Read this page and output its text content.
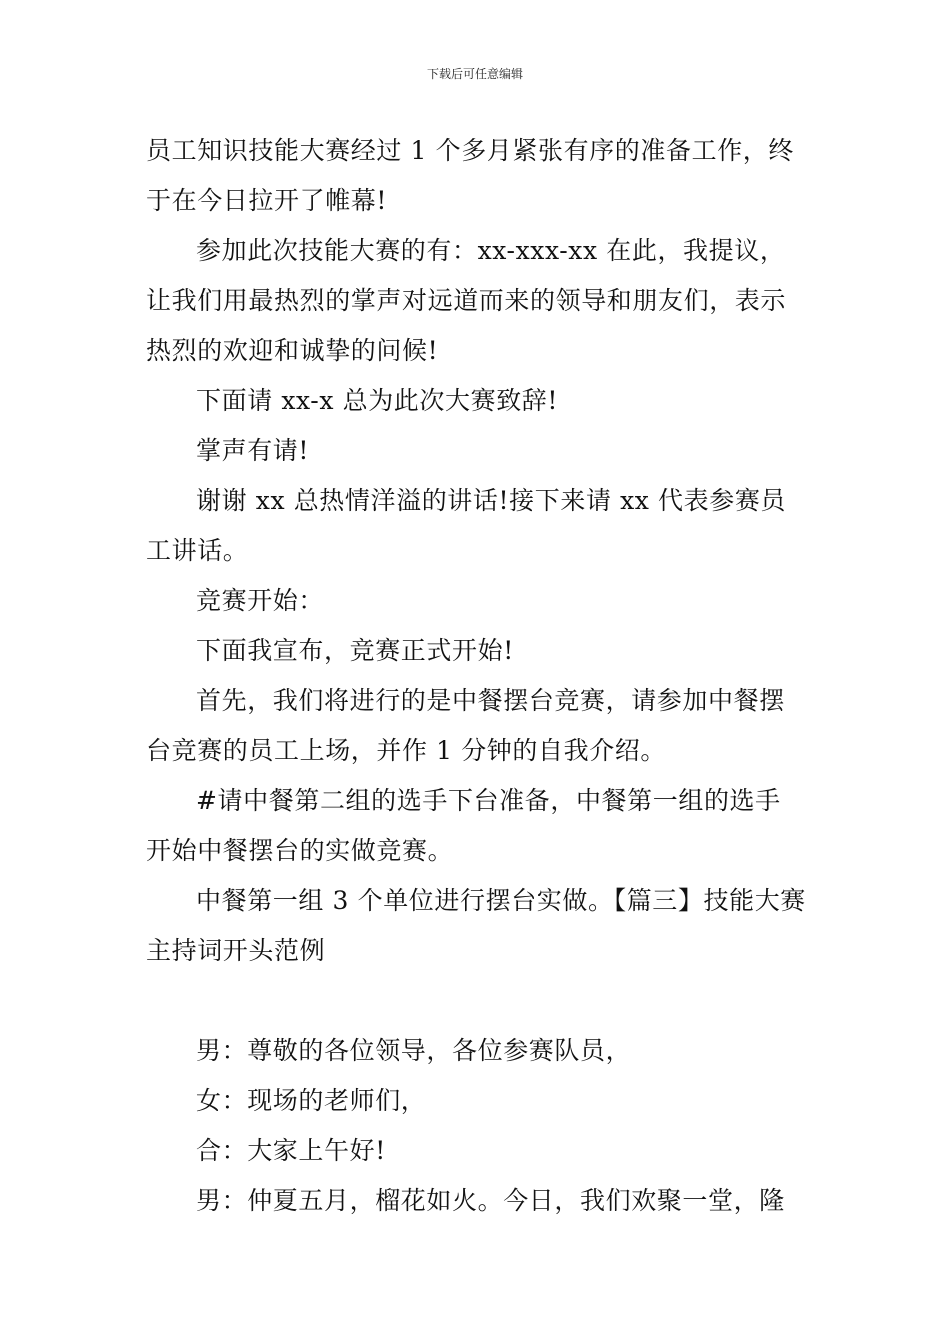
下载后可任意编辑

员工知识技能大赛经过 1 个多月紧张有序的准备工作，终于在今日拉开了帷幕!

参加此次技能大赛的有：xx-xxx-xx 在此，我提议，让我们用最热烈的掌声对远道而来的领导和朋友们，表示热烈的欢迎和诚挚的问候!

下面请 xx-x 总为此次大赛致辞!

掌声有请!

谢谢 xx 总热情洋溢的讲话!接下来请 xx 代表参赛员工讲话。

竞赛开始：

下面我宣布，竞赛正式开始!

首先，我们将进行的是中餐摆台竞赛，请参加中餐摆台竞赛的员工上场，并作 1 分钟的自我介绍。

#请中餐第二组的选手下台准备，中餐第一组的选手开始中餐摆台的实做竞赛。

中餐第一组 3 个单位进行摆台实做。【篇三】技能大赛主持词开头范例

男：尊敬的各位领导，各位参赛队员，

女：现场的老师们，

合：大家上午好!

男：仲夏五月，榴花如火。今日，我们欢聚一堂，隆
